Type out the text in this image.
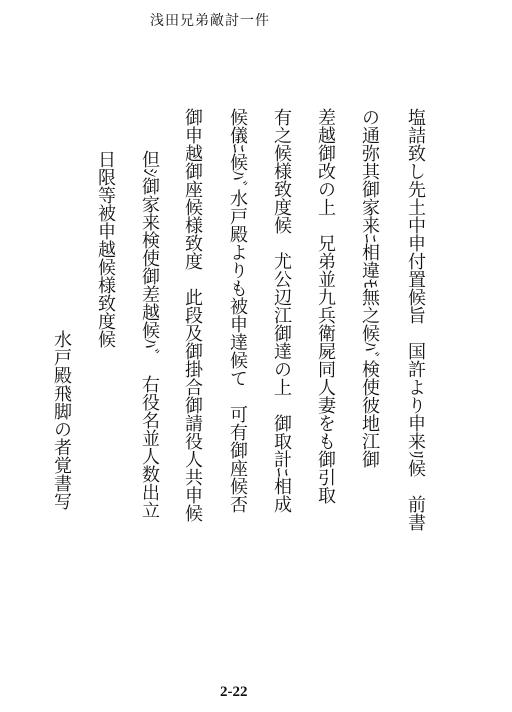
浅田兄弟敵討一件
塩詰致し先土中申付置候旨　国許より申来ﾘ候　前書
の通弥其御家来ﾆ相違ﾓ無之候ﾊﾞ検使彼地江御
差越御改の上　兄弟並九兵衛屍同人妻をも御引取
有之候様致度候　尤公辺江御達の上　御取計ﾆ相成
候儀ﾆ候ﾊﾞ水戸殿よりも被申達候て　可有御座候否
御申越御座候様致度　此段及御掛合御請役人共申候
但ｼ御家来検使御差越候ﾊﾞ　右役名並人数出立
日限等被申越候様致度候
水戸殿飛脚の者覚書写
2-22
